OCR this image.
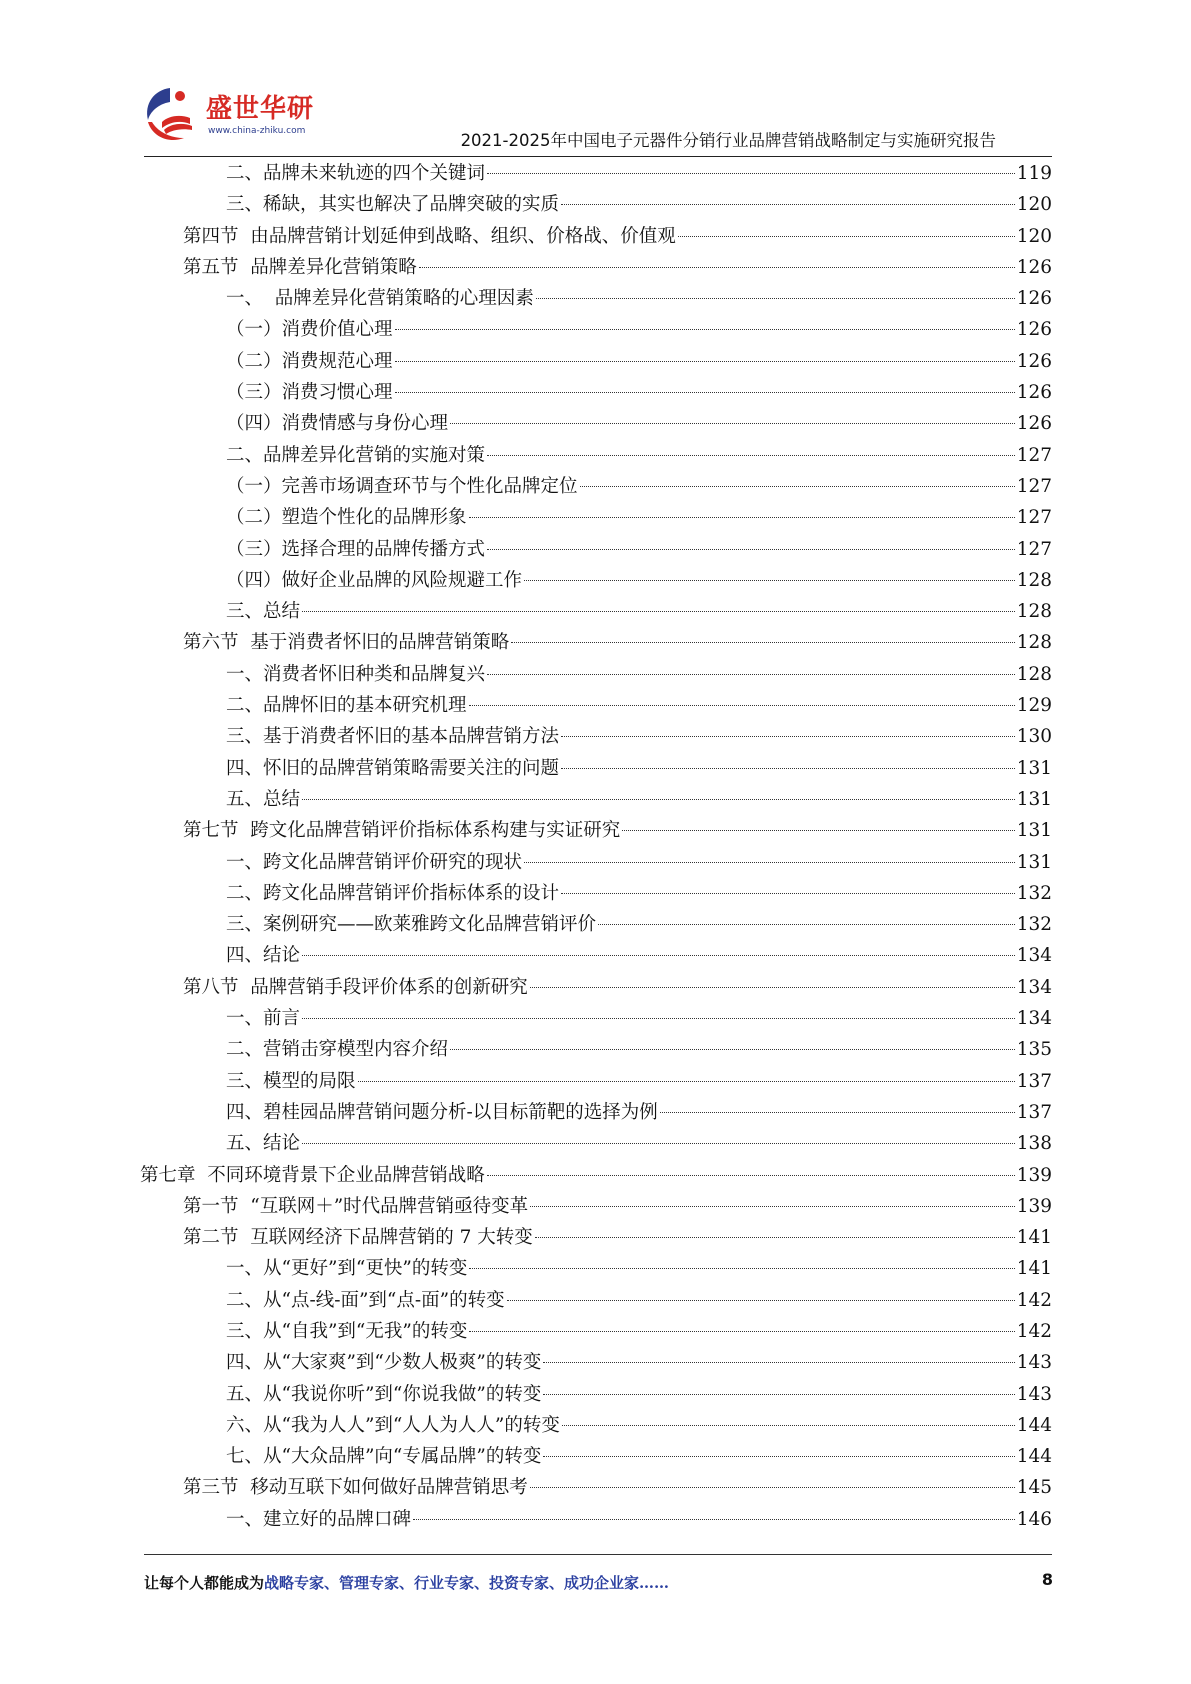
盛世华研
www.china-zhiku.com	2021-2025年中国电子元器件分销行业品牌营销战略制定与实施研究报告
二、品牌未来轨迹的四个关键词	119
三、稀缺，其实也解决了品牌突破的实质	120
第四节  由品牌营销计划延伸到战略、组织、价格战、价值观	120
第五节  品牌差异化营销策略	126
一、  品牌差异化营销策略的心理因素	126
（一）消费价值心理	126
（二）消费规范心理	126
（三）消费习惯心理	126
（四）消费情感与身份心理	126
二、品牌差异化营销的实施对策	127
（一）完善市场调查环节与个性化品牌定位	127
（二）塑造个性化的品牌形象	127
（三）选择合理的品牌传播方式	127
（四）做好企业品牌的风险规避工作	128
三、总结	128
第六节  基于消费者怀旧的品牌营销策略	128
一、消费者怀旧种类和品牌复兴	128
二、品牌怀旧的基本研究机理	129
三、基于消费者怀旧的基本品牌营销方法	130
四、怀旧的品牌营销策略需要关注的问题	131
五、总结	131
第七节  跨文化品牌营销评价指标体系构建与实证研究	131
一、跨文化品牌营销评价研究的现状	131
二、跨文化品牌营销评价指标体系的设计	132
三、案例研究——欧莱雅跨文化品牌营销评价	132
四、结论	134
第八节  品牌营销手段评价体系的创新研究	134
一、前言	134
二、营销击穿模型内容介绍	135
三、模型的局限	137
四、碧桂园品牌营销问题分析-以目标箭靶的选择为例	137
五、结论	138
第七章  不同环境背景下企业品牌营销战略	139
第一节  “互联网＋”时代品牌营销亟待变革	139
第二节  互联网经济下品牌营销的 7 大转变	141
一、从“更好”到“更快”的转变	141
二、从“点-线-面”到“点-面”的转变	142
三、从“自我”到“无我”的转变	142
四、从“大家爽”到“少数人极爽”的转变	143
五、从“我说你听”到“你说我做”的转变	143
六、从“我为人人”到“人人为人人”的转变	144
七、从“大众品牌”向“专属品牌”的转变	144
第三节  移动互联下如何做好品牌营销思考	145
一、建立好的品牌口碑	146
让每个人都能成为战略专家、管理专家、行业专家、投资专家、成功企业家……	8
